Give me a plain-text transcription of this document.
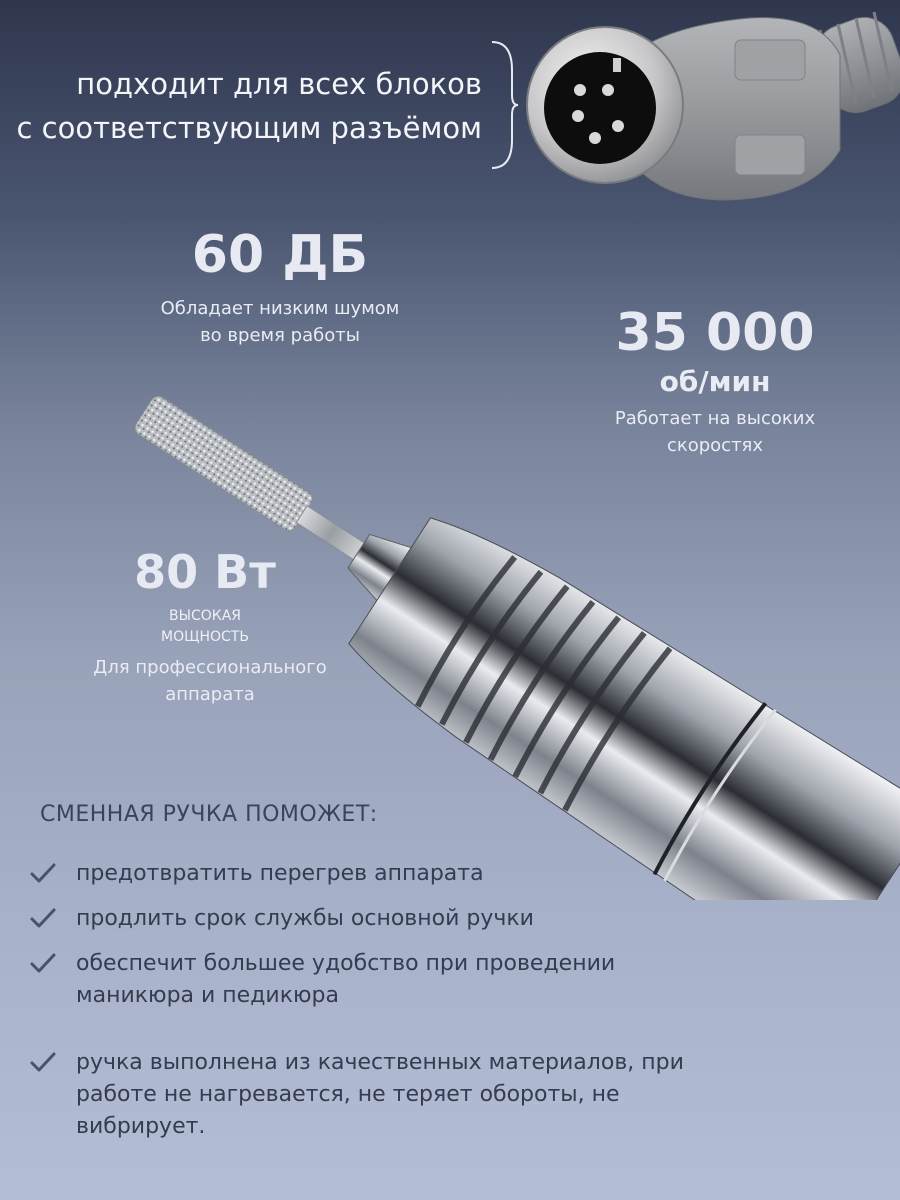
подходит для всех блоков
с соответствующим разъёмом
60 ДБ
Обладает низким шумом
во время работы	35 000
об/мин
Работает на высоких
скоростях
80 Вт
ВЫСОКАЯ
МОЩНОСТЬ
Для профессионального
аппарата
СМЕННАЯ РУЧКА ПОМОЖЕТ:
предотвратить перегрев аппарата
продлить срок службы основной ручки
обеспечит большее удобство при проведении
маникюра и педикюра
ручка выполнена из качественных материалов, при
работе не нагревается, не теряет обороты, не
вибрирует.
